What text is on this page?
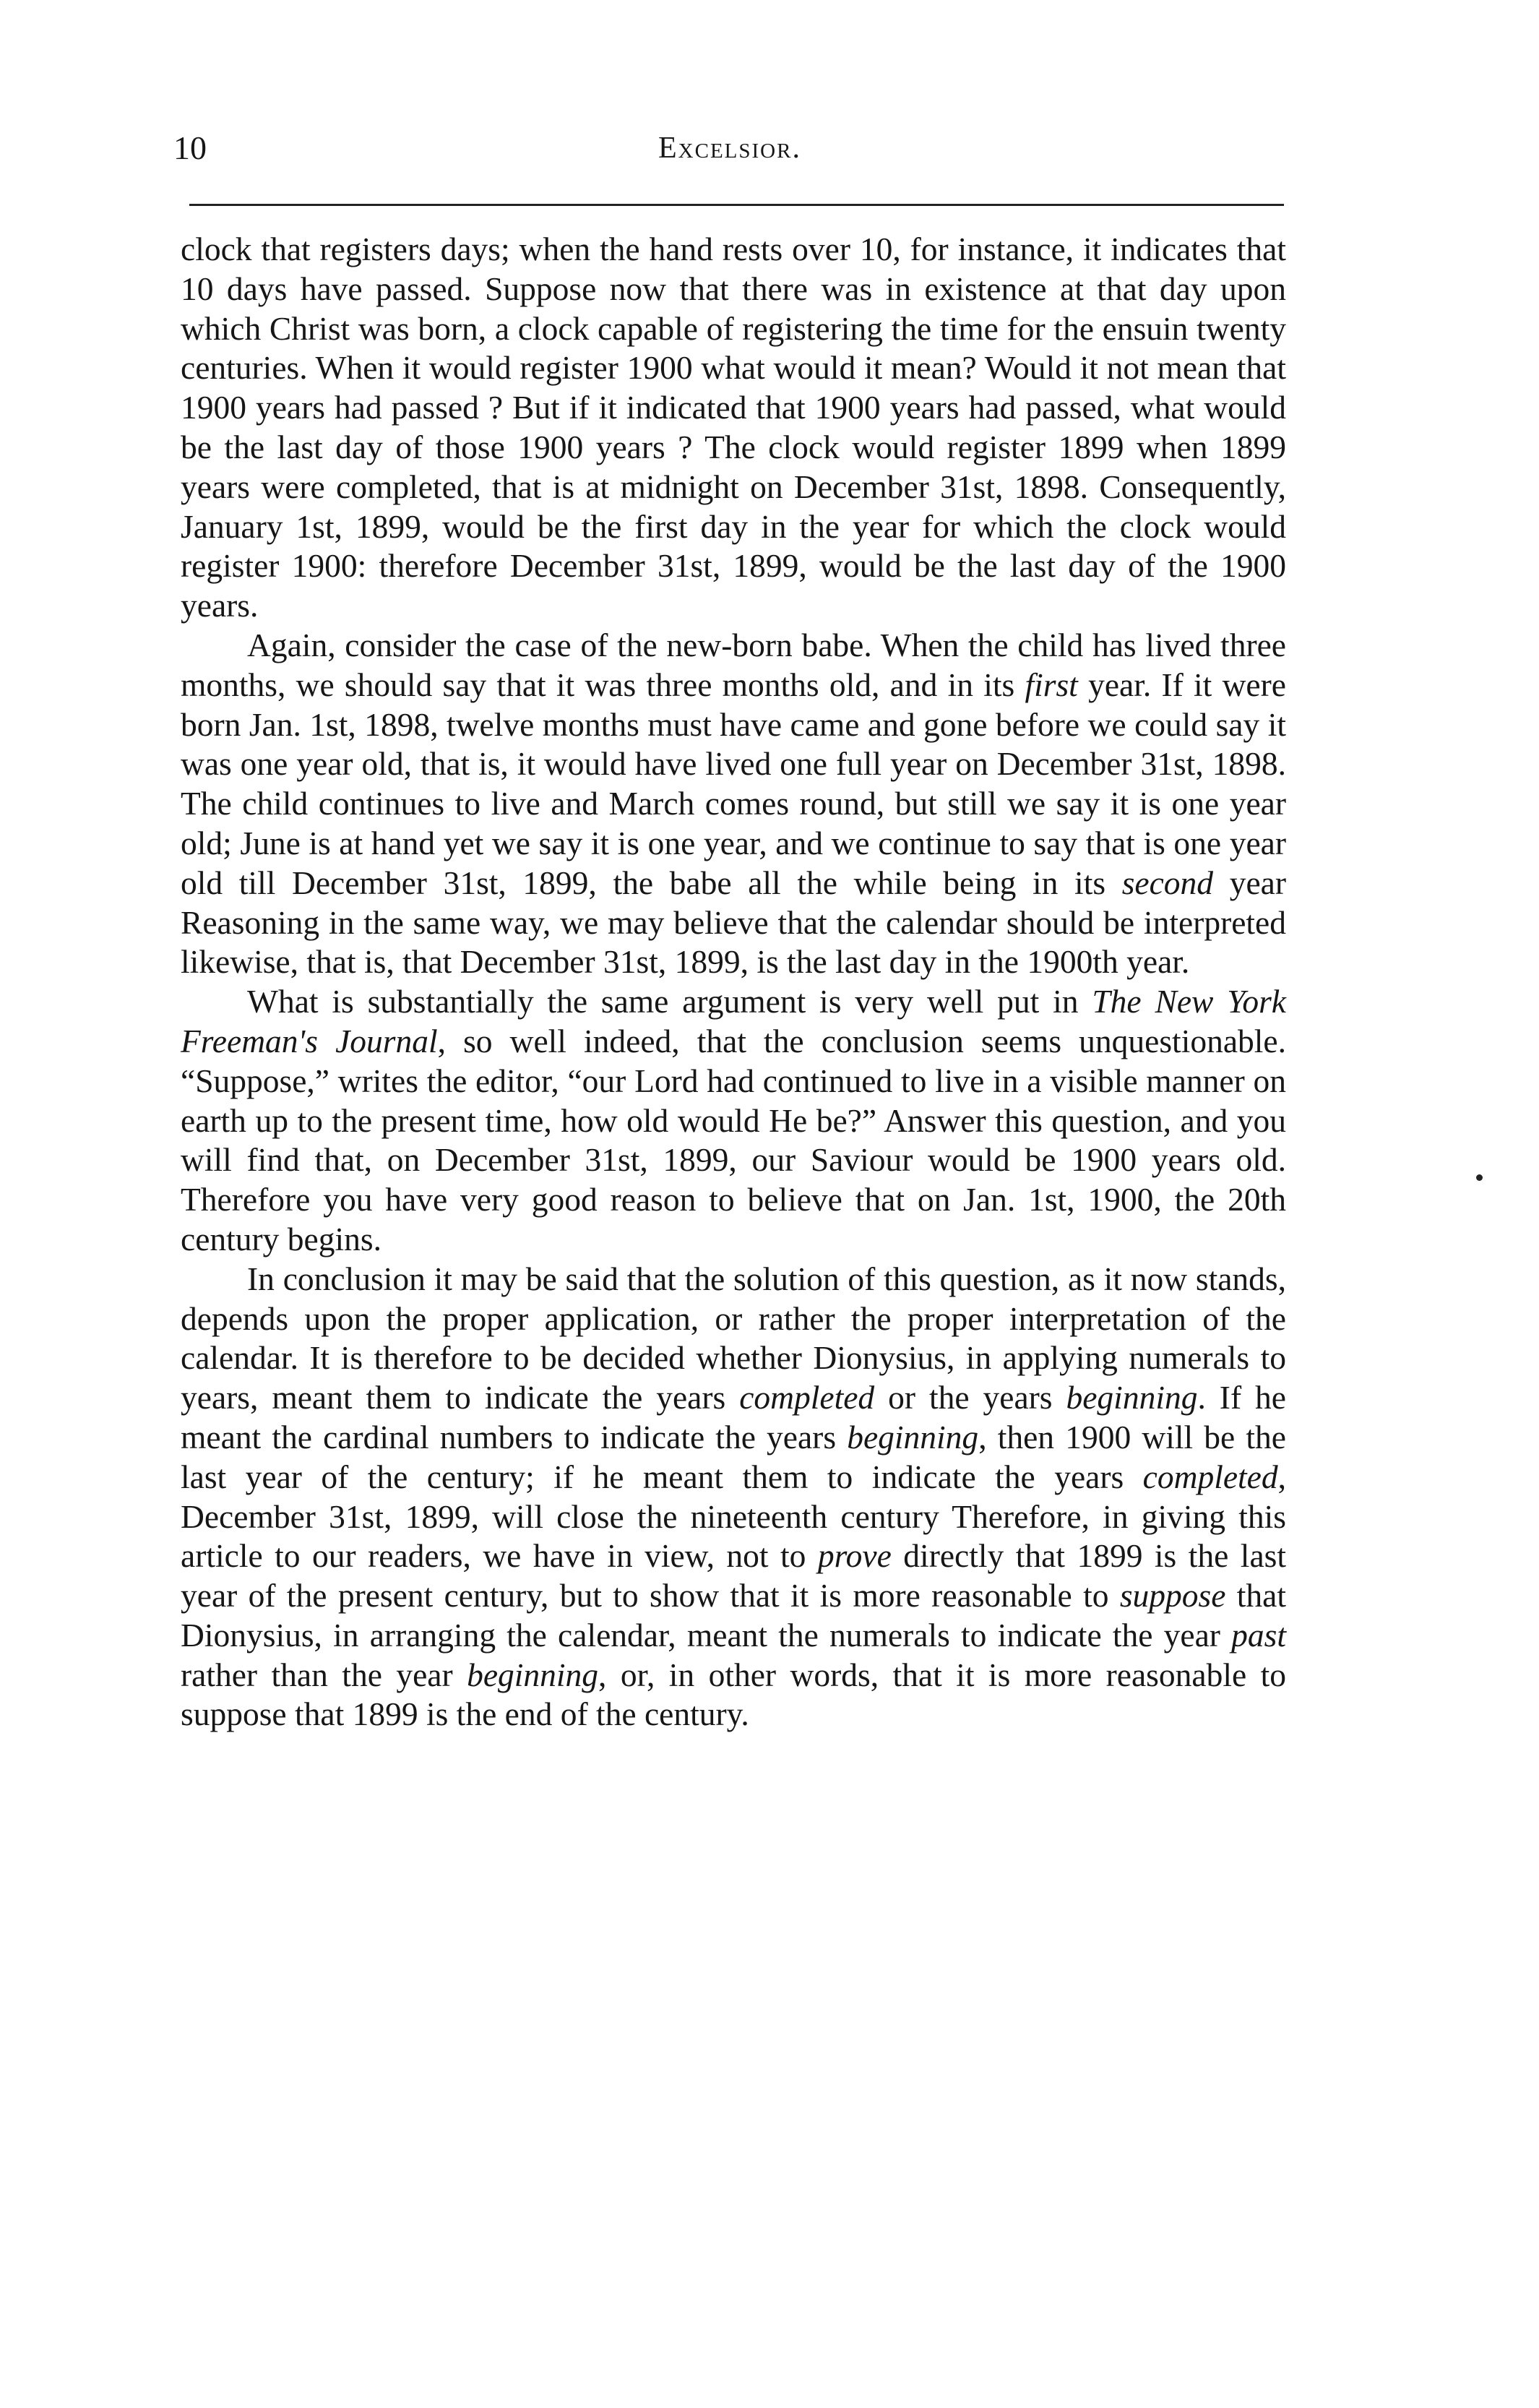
10	Excelsior.

clock that registers days; when the hand rests over 10, for instance, it indicates that 10 days have passed. Suppose now that there was in existence at that day upon which Christ was born, a clock capable of registering the time for the ensuin twenty centuries. When it would register 1900 what would it mean? Would it not mean that 1900 years had passed ? But if it indicated that 1900 years had passed, what would be the last day of those 1900 years ? The clock would register 1899 when 1899 years were completed, that is at midnight on December 31st, 1898. Consequently, January 1st, 1899, would be the first day in the year for which the clock would register 1900: therefore December 31st, 1899, would be the last day of the 1900 years.

Again, consider the case of the new-born babe. When the child has lived three months, we should say that it was three months old, and in its first year. If it were born Jan. 1st, 1898, twelve months must have came and gone before we could say it was one year old, that is, it would have lived one full year on December 31st, 1898. The child continues to live and March comes round, but still we say it is one year old; June is at hand yet we say it is one year, and we continue to say that is one year old till December 31st, 1899, the babe all the while being in its second year Reasoning in the same way, we may believe that the calendar should be interpreted likewise, that is, that December 31st, 1899, is the last day in the 1900th year.

What is substantially the same argument is very well put in The New York Freeman's Journal, so well indeed, that the conclusion seems unquestionable. “Suppose,” writes the editor, “our Lord had continued to live in a visible manner on earth up to the present time, how old would He be?” Answer this question, and you will find that, on December 31st, 1899, our Saviour would be 1900 years old. Therefore you have very good reason to believe that on Jan. 1st, 1900, the 20th century begins.

In conclusion it may be said that the solution of this question, as it now stands, depends upon the proper application, or rather the proper interpretation of the calendar. It is therefore to be decided whether Dionysius, in applying numerals to years, meant them to indicate the years completed or the years beginning. If he meant the cardinal numbers to indicate the years beginning, then 1900 will be the last year of the century; if he meant them to indicate the years completed, December 31st, 1899, will close the nineteenth century Therefore, in giving this article to our readers, we have in view, not to prove directly that 1899 is the last year of the present century, but to show that it is more reasonable to suppose that Dionysius, in arranging the calendar, meant the numerals to indicate the year past rather than the year beginning, or, in other words, that it is more reasonable to suppose that 1899 is the end of the century.
